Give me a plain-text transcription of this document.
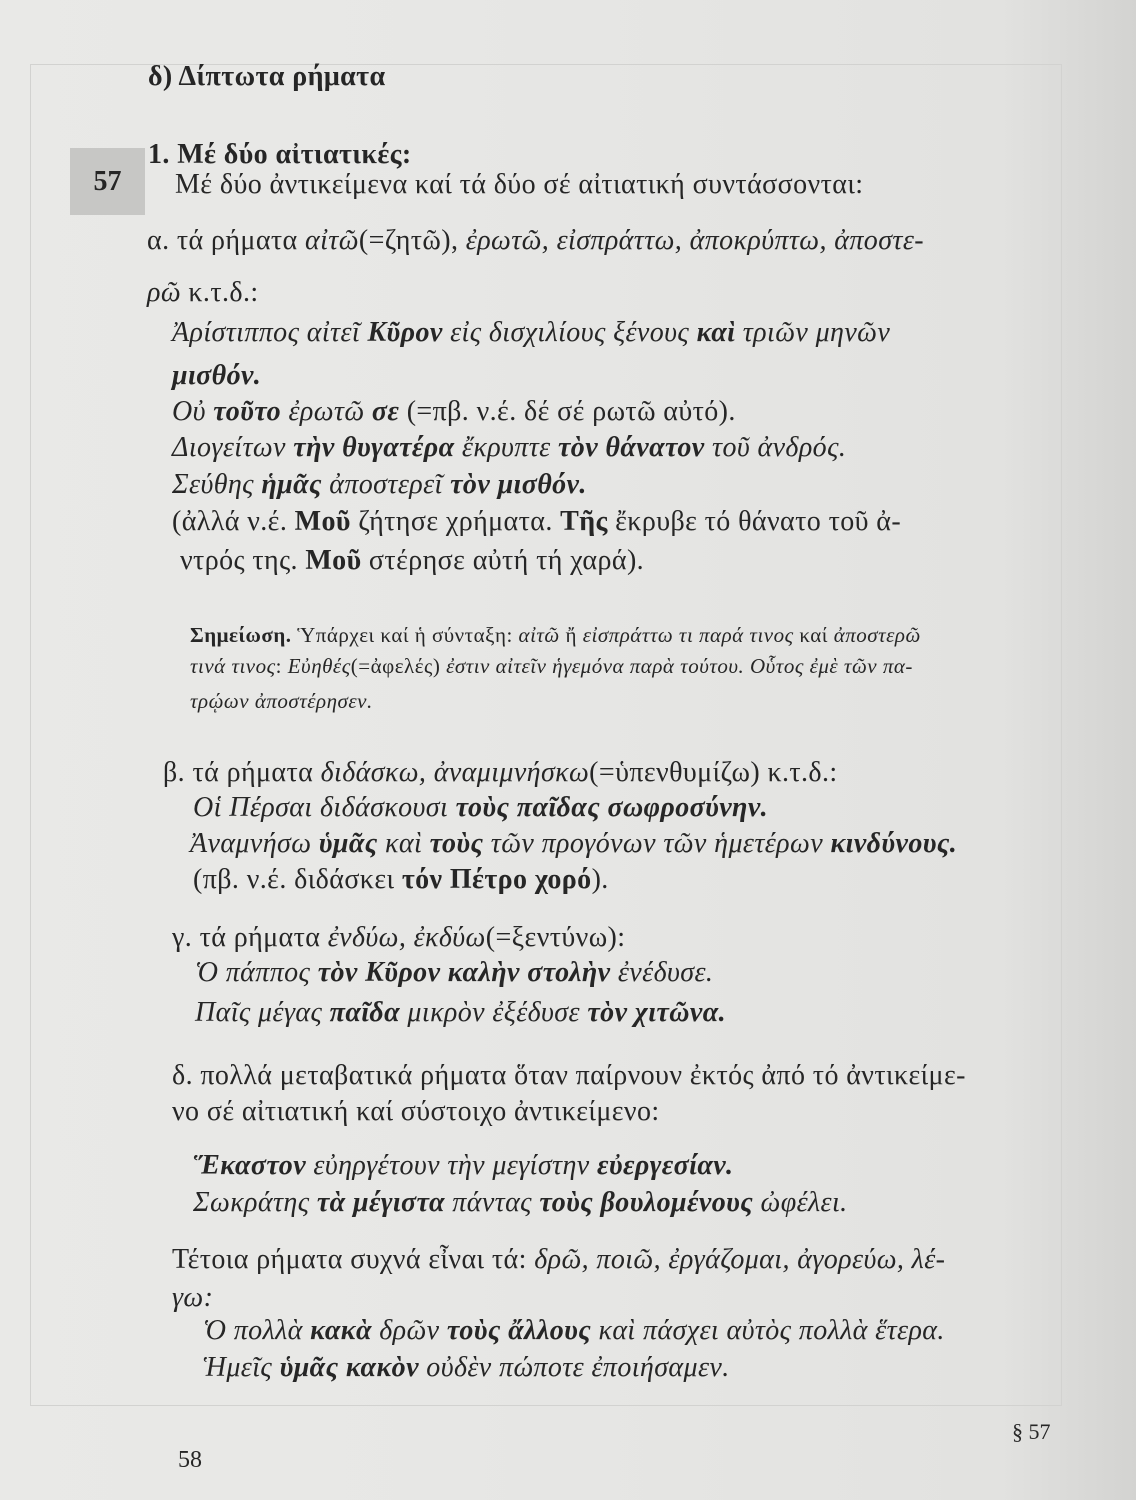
δ) Δίπτωτα ρήματα
57
1. Μέ δύο αἰτιατικές:
Μέ δύο ἀντικείμενα καί τά δύο σέ αἰτιατική συντάσσονται:
α. τά ρήματα αἰτῶ(=ζητῶ), ἐρωτῶ, εἰσπράττω, ἀποκρύπτω, ἀποστε-
ρῶ κ.τ.δ.:
Ἀρίστιππος αἰτεῖ Κῦρον εἰς δισχιλίους ξένους καὶ τριῶν μηνῶν
μισθόν.
Οὐ τοῦτο ἐρωτῶ σε (=πβ. ν.έ. δέ σέ ρωτῶ αὐτό).
Διογείτων τὴν θυγατέρα ἔκρυπτε τὸν θάνατον τοῦ ἀνδρός.
Σεύθης ἡμᾶς ἀποστερεῖ τὸν μισθόν.
(ἀλλά ν.έ. Μοῦ ζήτησε χρήματα. Τῆς ἔκρυβε τό θάνατο τοῦ ἀ-
ντρός της. Μοῦ στέρησε αὐτή τή χαρά).
Σημείωση. Ὑπάρχει καί ἡ σύνταξη: αἰτῶ ἤ εἰσπράττω τι παρά τινος καί ἀποστερῶ
τινά τινος: Εὐηθές(=ἀφελές) ἐστιν αἰτεῖν ἡγεμόνα παρὰ τούτου. Οὗτος ἐμὲ τῶν πα-
τρῴων ἀποστέρησεν.
β. τά ρήματα διδάσκω, ἀναμιμνήσκω(=ὑπενθυμίζω) κ.τ.δ.:
Οἱ Πέρσαι διδάσκουσι τοὺς παῖδας σωφροσύνην.
Ἀναμνήσω ὑμᾶς καὶ τοὺς τῶν προγόνων τῶν ἡμετέρων κινδύνους.
(πβ. ν.έ. διδάσκει τόν Πέτρο χορό).
γ. τά ρήματα ἐνδύω, ἐκδύω(=ξεντύνω):
Ὁ πάππος τὸν Κῦρον καλὴν στολὴν ἐνέδυσε.
Παῖς μέγας παῖδα μικρὸν ἐξέδυσε τὸν χιτῶνα.
δ. πολλά μεταβατικά ρήματα ὅταν παίρνουν ἐκτός ἀπό τό ἀντικείμε-
νο σέ αἰτιατική καί σύστοιχο ἀντικείμενο:
Ἕκαστον εὐηργέτουν τὴν μεγίστην εὐεργεσίαν.
Σωκράτης τὰ μέγιστα πάντας τοὺς βουλομένους ὠφέλει.
Τέτοια ρήματα συχνά εἶναι τά: δρῶ, ποιῶ, ἐργάζομαι, ἀγορεύω, λέ-
γω:
Ὁ πολλὰ κακὰ δρῶν τοὺς ἄλλους καὶ πάσχει αὐτὸς πολλὰ ἕτερα.
Ἡμεῖς ὑμᾶς κακὸν οὐδὲν πώποτε ἐποιήσαμεν.
§ 57
58
